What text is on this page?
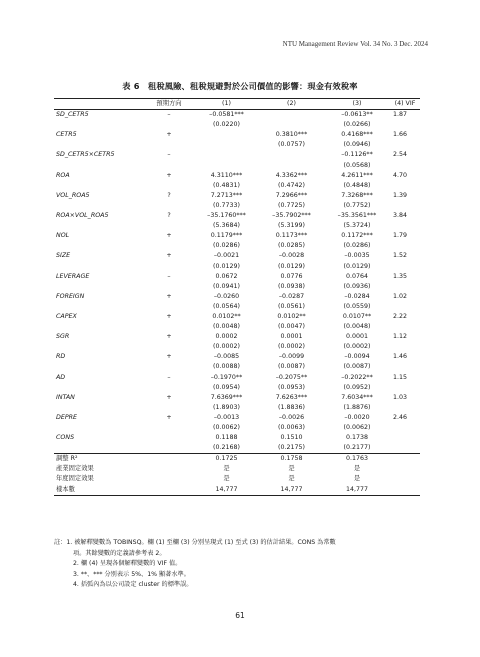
NTU Management Review Vol. 34 No. 3 Dec. 2024
表 6　租稅風險、租稅規避對於公司價值的影響：現金有效稅率
	預期方向	(1)	(2)	(3)	(4) VIF
SD_CETR5	–	–0.0581***		–0.0613**	1.87
		(0.0220)		(0.0266)	
CETR5	+		0.3810***	0.4168***	1.66
			(0.0757)	(0.0946)	
SD_CETR5×CETR5	–			–0.1126**	2.54
				(0.0568)	
ROA	+	4.3110***	4.3362***	4.2611***	4.70
		(0.4831)	(0.4742)	(0.4848)	
VOL_ROA5	?	7.2713***	7.2966***	7.3268***	1.39
		(0.7733)	(0.7725)	(0.7752)	
ROA×VOL_ROA5	?	–35.1760***	–35.7902***	–35.3561***	3.84
		(5.3684)	(5.3199)	(5.3724)	
NOL	+	0.1179***	0.1173***	0.1172***	1.79
		(0.0286)	(0.0285)	(0.0286)	
SIZE	+	–0.0021	–0.0028	–0.0035	1.52
		(0.0129)	(0.0129)	(0.0129)	
LEVERAGE	–	0.0672	0.0776	0.0764	1.35
		(0.0941)	(0.0938)	(0.0936)	
FOREIGN	+	–0.0260	–0.0287	–0.0284	1.02
		(0.0564)	(0.0561)	(0.0559)	
CAPEX	+	0.0102**	0.0102**	0.0107**	2.22
		(0.0048)	(0.0047)	(0.0048)	
SGR	+	0.0002	0.0001	0.0001	1.12
		(0.0002)	(0.0002)	(0.0002)	
RD	+	–0.0085	–0.0099	–0.0094	1.46
		(0.0088)	(0.0087)	(0.0087)	
AD	–	–0.1970**	–0.2075**	–0.2022**	1.15
		(0.0954)	(0.0953)	(0.0952)	
INTAN	+	7.6369***	7.6263***	7.6034***	1.03
		(1.8903)	(1.8836)	(1.8876)	
DEPRE	+	–0.0013	–0.0026	–0.0020	2.46
		(0.0062)	(0.0063)	(0.0062)	
CONS		0.1188	0.1510	0.1738	
		(0.2168)	(0.2175)	(0.2177)	
調整 R²		0.1725	0.1758	0.1763	
產業固定效果		是	是	是	
年度固定效果		是	是	是	
樣本數		14,777	14,777	14,777	
註：1. 被解釋變數為 TOBINSQ。欄 (1) 至欄 (3) 分別呈現式 (1) 至式 (3) 的估計結果。CONS 為常數
項。其餘變數的定義請參考表 2。
2. 欄 (4) 呈現各個解釋變數的 VIF 值。
3. **、*** 分別表示 5%、1% 顯著水準。
4. 括弧內為以公司設定 cluster 的標準誤。
61
